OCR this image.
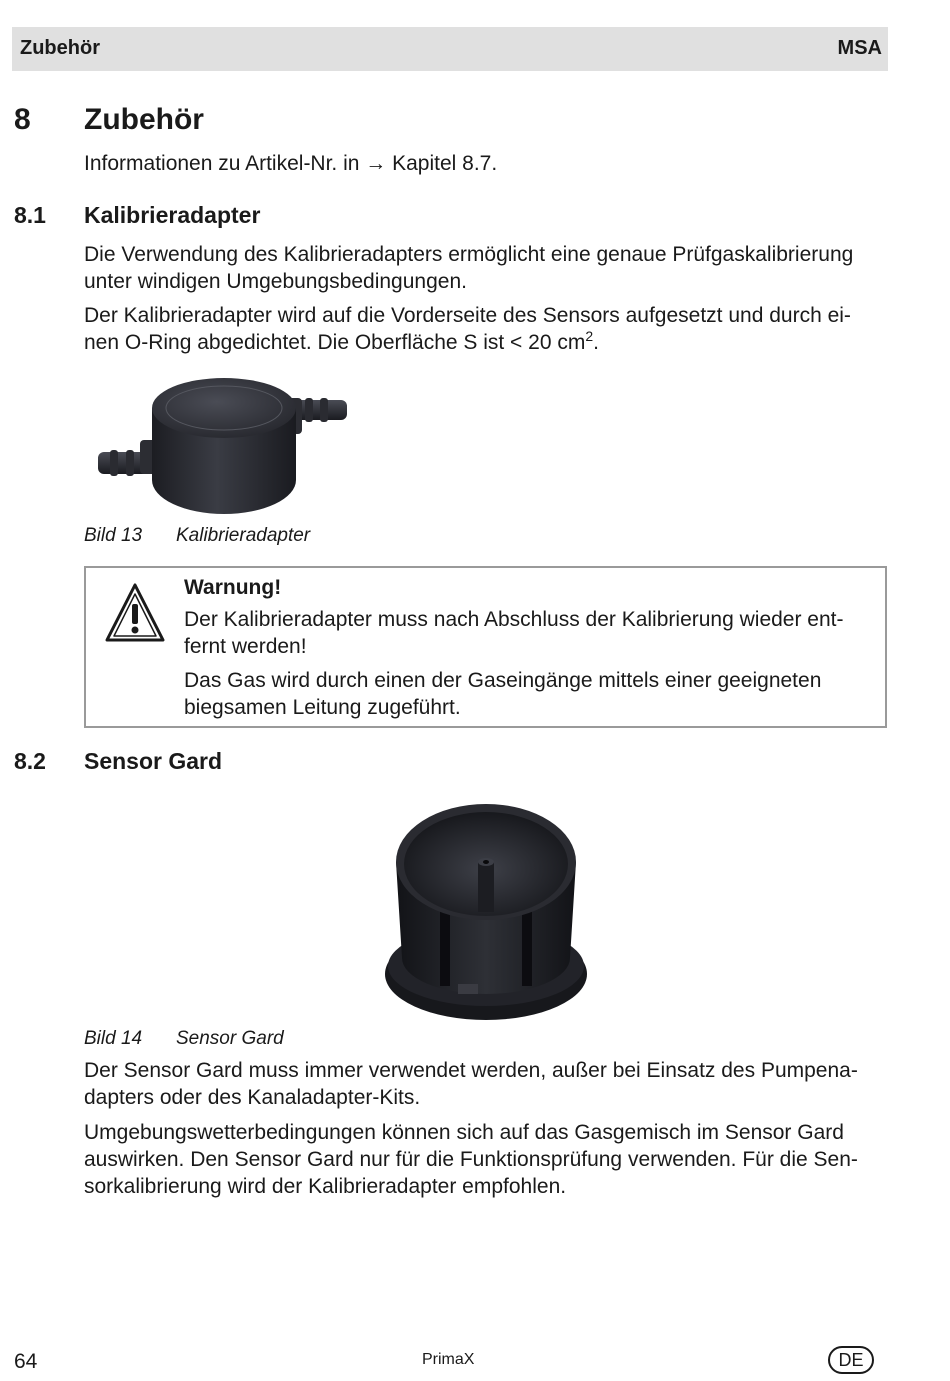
Zubehör	MSA
8 Zubehör

Informationen zu Artikel-Nr. in → Kapitel 8.7.

8.1 Kalibrieradapter

Die Verwendung des Kalibrieradapters ermöglicht eine genaue Prüfgaskalibrierung unter windigen Umgebungsbedingungen.

Der Kalibrieradapter wird auf die Vorderseite des Sensors aufgesetzt und durch ei- nen O-Ring abgedichtet. Die Oberfläche S ist < 20 $cm^2$.

Bild 13 Kalibrieradapter
Warnung!

Der Kalibrieradapter muss nach Abschluss der Kalibrierung wieder ent- fernt werden!

Das Gas wird durch einen der Gaseingänge mittels einer geeigneten biegsamen Leitung zugeführt.

8.2 Sensor Gard
Bild 14 Sensor Gard

Der Sensor Gard muss immer verwendet werden, außer bei Einsatz des Pumpena- dapters oder des Kanaladapter-Kits.

Umgebungswetterbedingungen können sich auf das Gasgemisch im Sensor Gard auswirken. Den Sensor Gard nur für die Funktionsprüfung verwenden. Für die Sen- sorkalibrierung wird der Kalibrieradapter empfohlen.

64	PrimaX	DE
